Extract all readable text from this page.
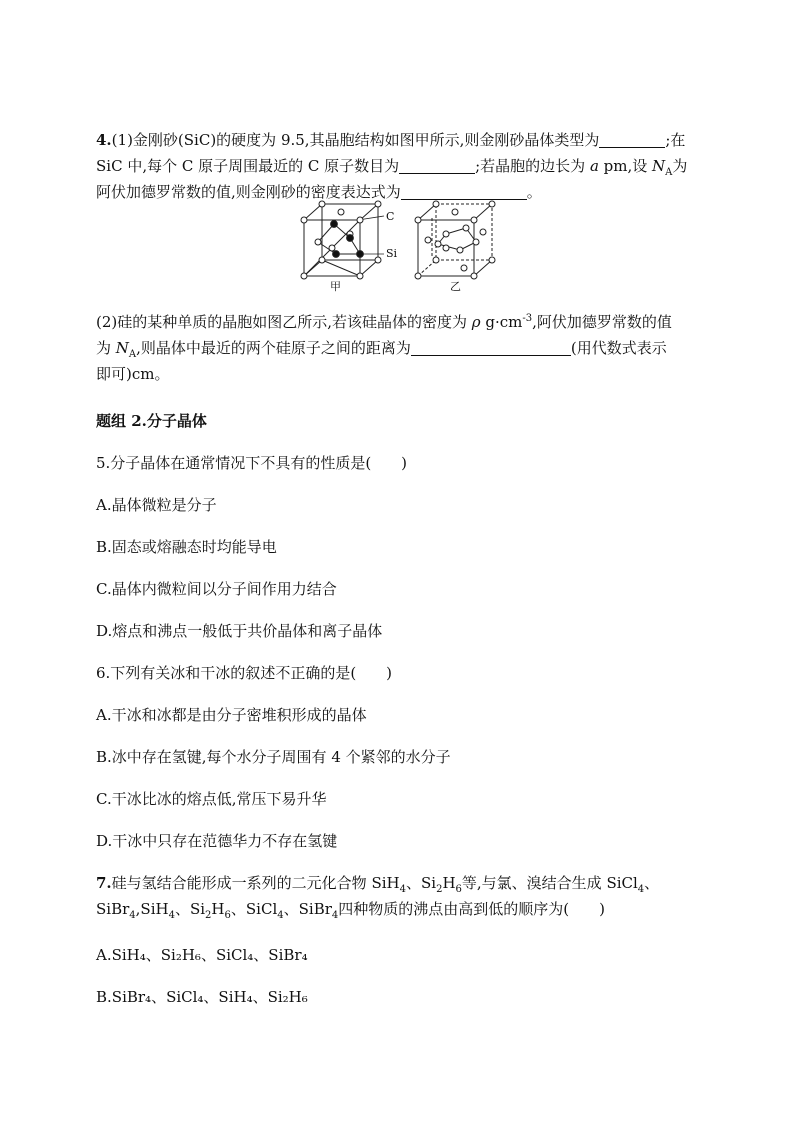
4.(1)金刚砂(SiC)的硬度为 9.5,其晶胞结构如图甲所示,则金刚砂晶体类型为	;在
SiC 中,每个 C 原子周围最近的 C 原子数目为	;若晶胞的边长为 a pm,设 $N_A$为
阿伏加德罗常数的值,则金刚砂的密度表达式为	。
C
Si
甲	乙
(2)硅的某种单质的晶胞如图乙所示,若该硅晶体的密度为 ρ $g\cdot cm^{-3}$,阿伏加德罗常数的值
为 $N_A$,则晶体中最近的两个硅原子之间的距离为	(用代数式表示
即可)cm。
题组 2.分子晶体
5.分子晶体在通常情况下不具有的性质是(　　)
A.晶体微粒是分子
B.固态或熔融态时均能导电
C.晶体内微粒间以分子间作用力结合
D.熔点和沸点一般低于共价晶体和离子晶体
6.下列有关冰和干冰的叙述不正确的是(　　)
A.干冰和冰都是由分子密堆积形成的晶体
B.冰中存在氢键,每个水分子周围有 4 个紧邻的水分子
C.干冰比冰的熔点低,常压下易升华
D.干冰中只存在范德华力不存在氢键
7.硅与氢结合能形成一系列的二元化合物 SiH$_4$、$Si_2H_6$等,与氯、溴结合生成 SiCl$_4$、
SiBr$_4$,SiH$_4$、$Si_2H_6$、SiCl$_4$、SiBr$_4$四种物质的沸点由高到低的顺序为(　　)
A.SiH₄、Si₂H₆、SiCl₄、SiBr₄
B.SiBr₄、SiCl₄、SiH₄、Si₂H₆
